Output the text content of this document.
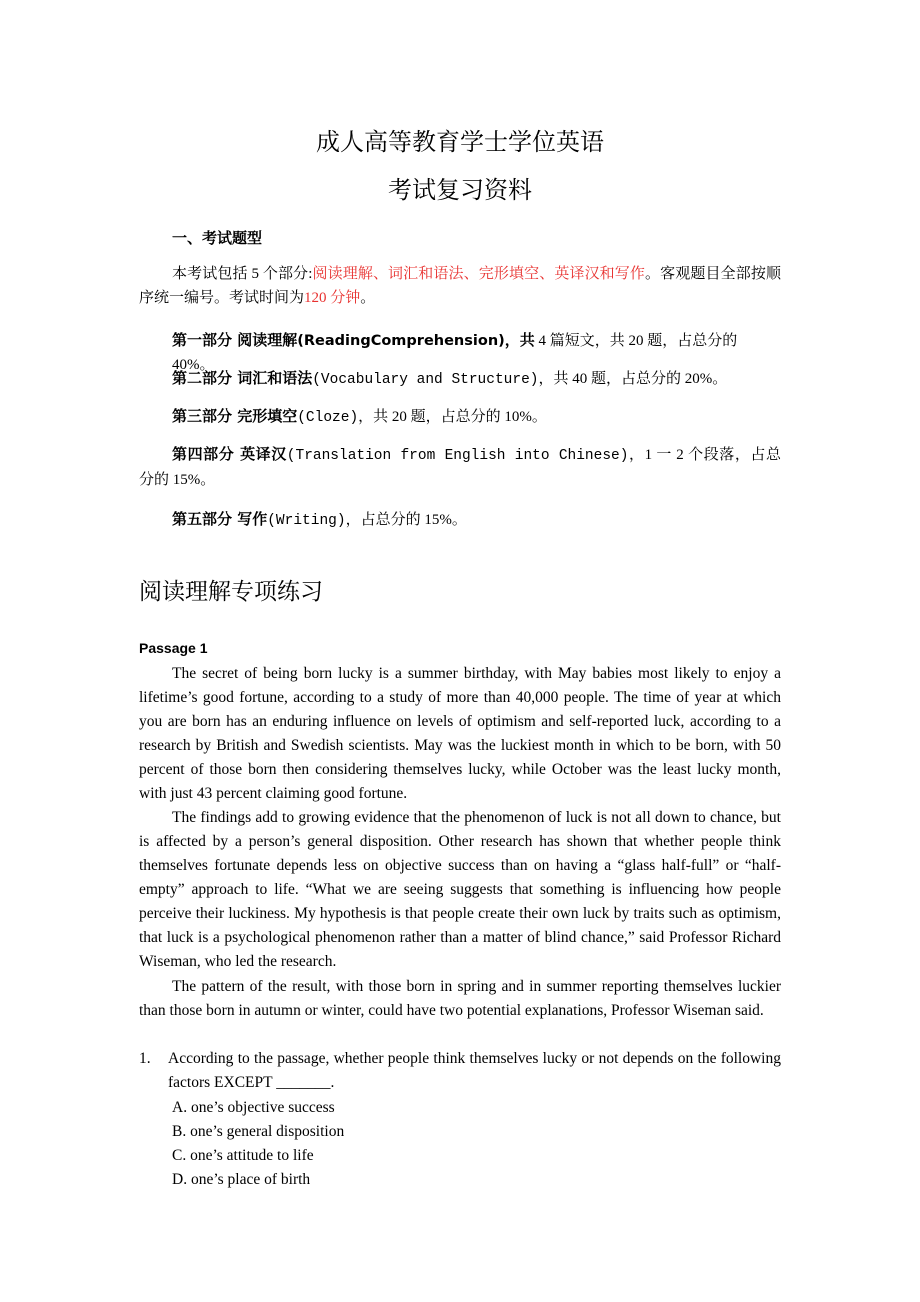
成人高等教育学士学位英语

考试复习资料

一、考试题型

本考试包括 5 个部分:阅读理解、词汇和语法、完形填空、英译汉和写作。客观题目全部按顺序统一编号。考试时间为120 分钟。

第一部分 阅读理解(ReadingComprehension)，共 4 篇短文，共 20 题，占总分的 40%。

第二部分 词汇和语法(Vocabulary and Structure)，共 40 题，占总分的 20%。

第三部分 完形填空(Cloze)，共 20 题，占总分的 10%。

第四部分 英译汉(Translation from English into Chinese)，1 一 2 个段落，占总分的 15%。

第五部分 写作(Writing)，占总分的 15%。

阅读理解专项练习

Passage 1

The secret of being born lucky is a summer birthday, with May babies most likely to enjoy a lifetime’s good fortune, according to a study of more than 40,000 people. The time of year at which you are born has an enduring influence on levels of optimism and self-reported luck, according to a research by British and Swedish scientists. May was the luckiest month in which to be born, with 50 percent of those born then considering themselves lucky, while October was the least lucky month, with just 43 percent claiming good fortune.

The findings add to growing evidence that the phenomenon of luck is not all down to chance, but is affected by a person’s general disposition. Other research has shown that whether people think themselves fortunate depends less on objective success than on having a “glass half-full” or “half-empty” approach to life. “What we are seeing suggests that something is influencing how people perceive their luckiness. My hypothesis is that people create their own luck by traits such as optimism, that luck is a psychological phenomenon rather than a matter of blind chance,” said Professor Richard Wiseman, who led the research.

The pattern of the result, with those born in spring and in summer reporting themselves luckier than those born in autumn or winter, could have two potential explanations, Professor Wiseman said.

1. According to the passage, whether people think themselves lucky or not depends on the following factors EXCEPT _______.

A. one’s objective success

B. one’s general disposition

C. one’s attitude to life

D. one’s place of birth
